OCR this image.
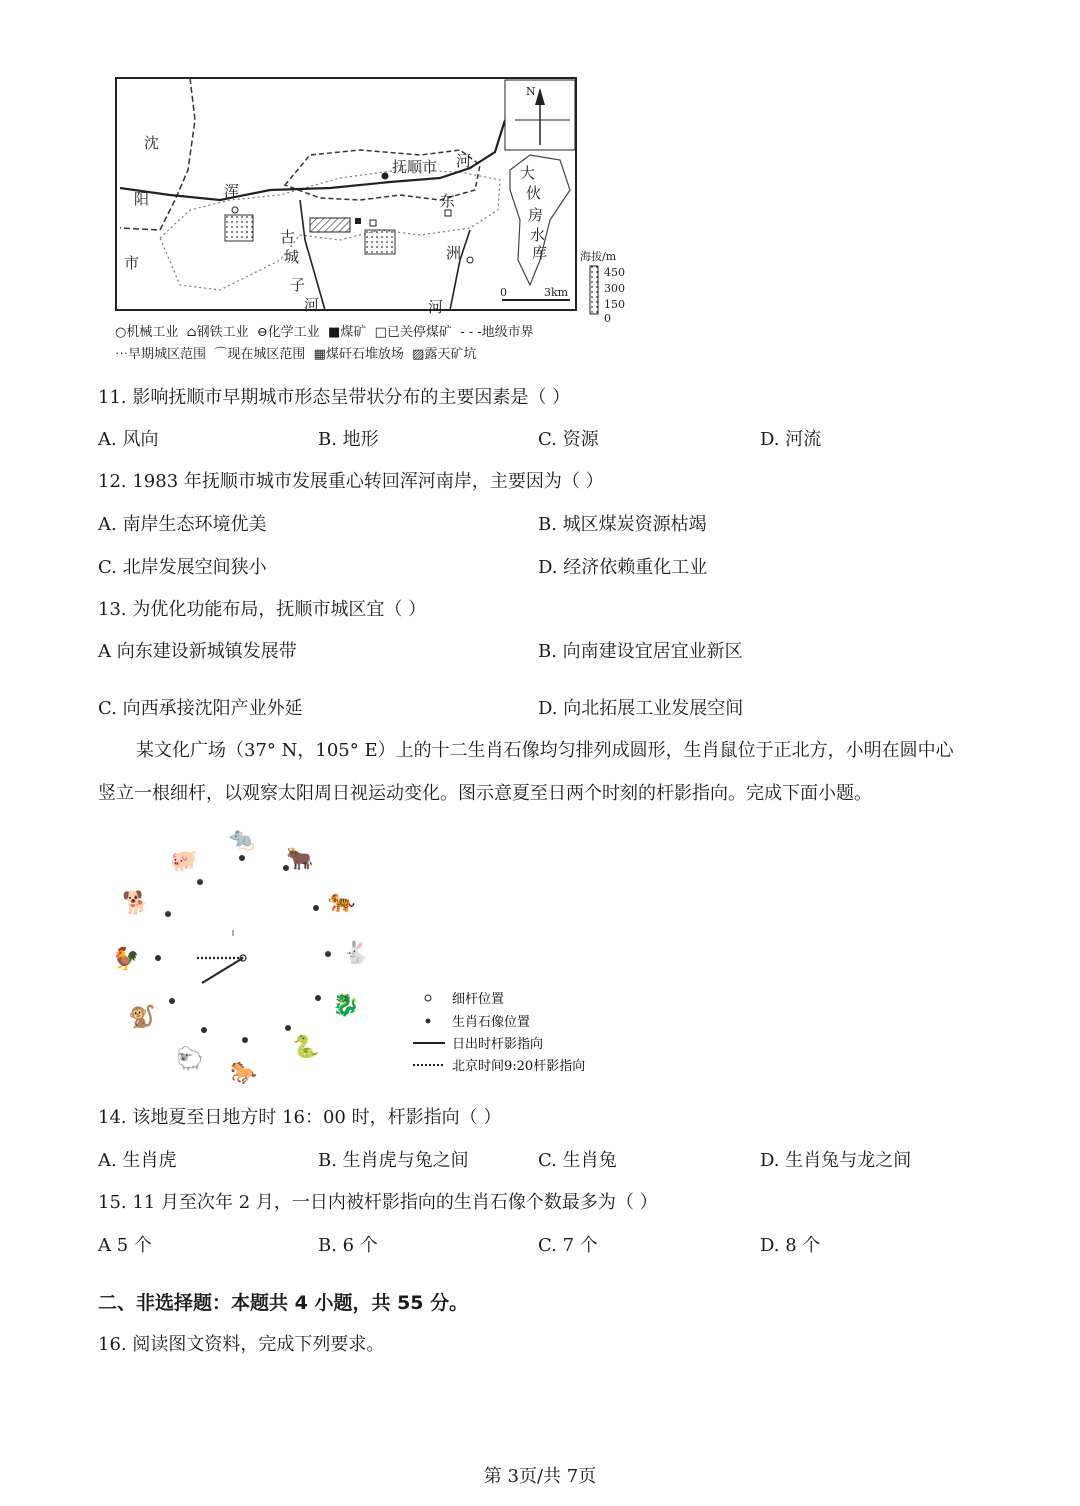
N
沈
阳
市
抚顺市 河
浑
古
城
子
河
东
洲
河
大
伙
房
水
库	海拔/m
450
300
150
0
0	3km
○机械工业 ⌂钢铁工业 ⊖化学工业 ■煤矿 □已关停煤矿 - - -地级市界
⋯早期城区范围 ⌒现在城区范围 ▦煤矸石堆放场 ▨露天矿坑
11. 影响抚顺市早期城市形态呈带状分布的主要因素是（ ）
A. 风向	B. 地形	C. 资源	D. 河流
12. 1983 年抚顺市城市发展重心转回浑河南岸，主要因为（ ）
A. 南岸生态环境优美	B. 城区煤炭资源枯竭
C. 北岸发展空间狭小	D. 经济依赖重化工业
13. 为优化功能布局，抚顺市城区宜（ ）
A 向东建设新城镇发展带	B. 向南建设宜居宜业新区
C. 向西承接沈阳产业外延	D. 向北拓展工业发展空间
某文化广场（37° N，105° E）上的十二生肖石像均匀排列成圆形，生肖鼠位于正北方，小明在圆中心
竖立一根细杆，以观察太阳周日视运动变化。图示意夏至日两个时刻的杆影指向。完成下面小题。
🐀
🐂
🐅
🐇
🐉
🐍
🐎
🐑
🐒
🐓
🐕
🐖
细杆位置
生肖石像位置
日出时杆影指向
北京时间9:20杆影指向
14. 该地夏至日地方时 16：00 时，杆影指向（ ）
A. 生肖虎	B. 生肖虎与兔之间	C. 生肖兔	D. 生肖兔与龙之间
15. 11 月至次年 2 月，一日内被杆影指向的生肖石像个数最多为（ ）
A 5 个	B. 6 个	C. 7 个	D. 8 个
二、非选择题：本题共 4 小题，共 55 分。
16. 阅读图文资料，完成下列要求。
第 3页/共 7页
